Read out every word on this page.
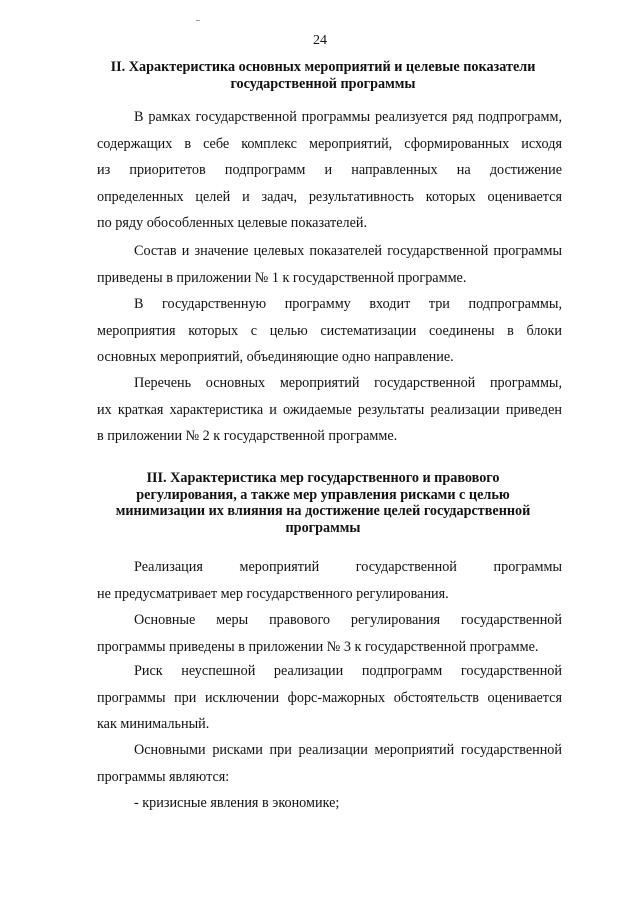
24
II. Характеристика основных мероприятий и целевые показатели
государственной программы
В рамках государственной программы реализуется ряд подпрограмм,
содержащих в себе комплекс мероприятий, сформированных исходя
из приоритетов подпрограмм и направленных на достижение
определенных целей и задач, результативность которых оценивается
по ряду обособленных целевые показателей.
Состав и значение целевых показателей государственной программы
приведены в приложении № 1 к государственной программе.
В государственную программу входит три подпрограммы,
мероприятия которых с целью систематизации соединены в блоки
основных мероприятий, объединяющие одно направление.
Перечень основных мероприятий государственной программы,
их краткая характеристика и ожидаемые результаты реализации приведен
в приложении № 2 к государственной программе.
III. Характеристика мер государственного и правового
регулирования, а также мер управления рисками с целью
минимизации их влияния на достижение целей государственной
программы
Реализация мероприятий государственной программы
не предусматривает мер государственного регулирования.
Основные меры правового регулирования государственной
программы приведены в приложении № 3 к государственной программе.
Риск неуспешной реализации подпрограмм государственной
программы при исключении форс-мажорных обстоятельств оценивается
как минимальный.
Основными рисками при реализации мероприятий государственной
программы являются:
- кризисные явления в экономике;
